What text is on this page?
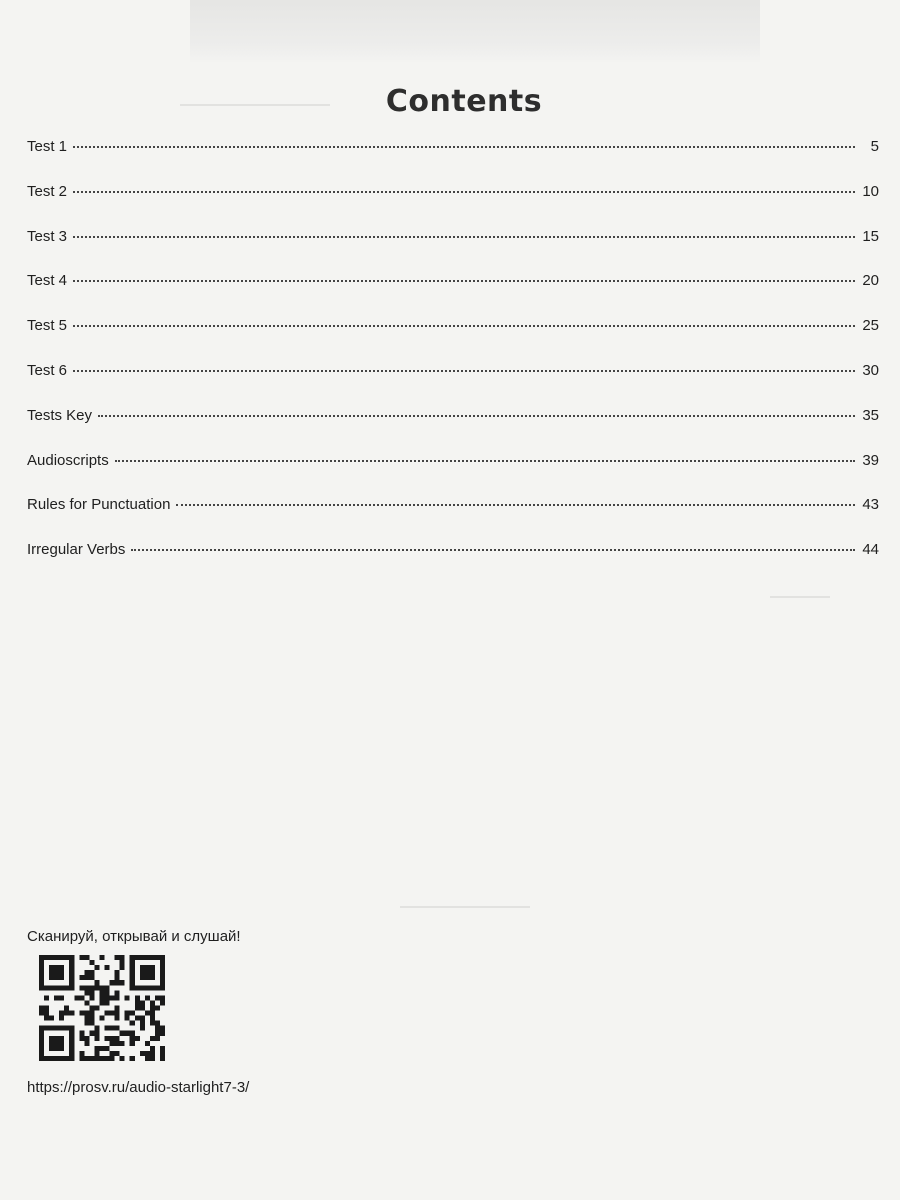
Contents
Test 1	5
Test 2	10
Test 3	15
Test 4	20
Test 5	25
Test 6	30
Tests Key	35
Audioscripts	39
Rules for Punctuation	43
Irregular Verbs	44
Сканируй, открывай и слушай!
https://prosv.ru/audio-starlight7-3/
